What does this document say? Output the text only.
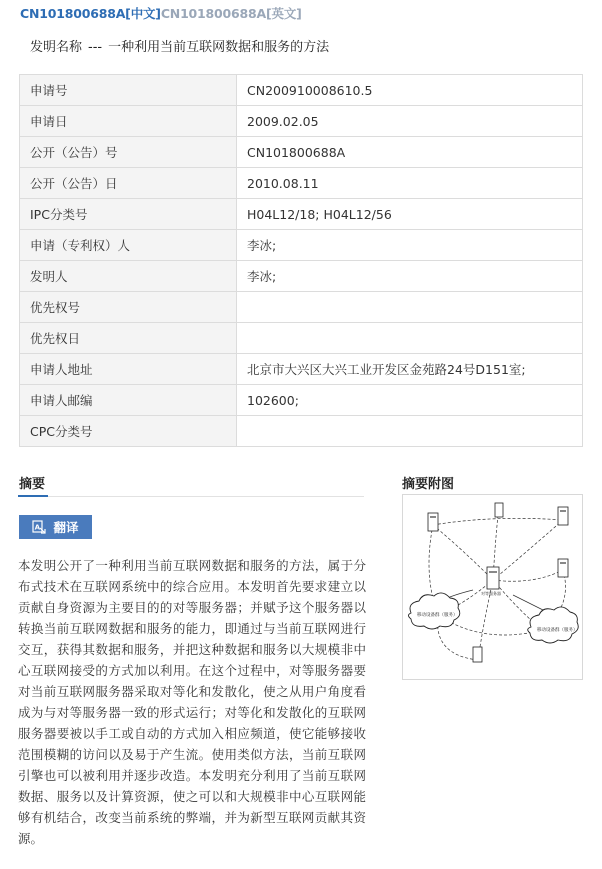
CN101800688A[中文]CN101800688A[英文]
发明名称 --- 一种利用当前互联网数据和服务的方法
申请号	CN200910008610.5
申请日	2009.02.05
公开（公告）号	CN101800688A
公开（公告）日	2010.08.11
IPC分类号	H04L12/18; H04L12/56
申请（专利权）人	李冰;
发明人	李冰;
优先权号	
优先权日	
申请人地址	北京市大兴区大兴工业开发区金苑路24号D151室;
申请人邮编	102600;
CPC分类号	
摘要	摘要附图
A 翻译
本发明公开了一种利用当前互联网数据和服务的方法，属于分布式技术在互联网系统中的综合应用。本发明首先要求建立以贡献自身资源为主要目的的对等服务器；并赋予这个服务器以转换当前互联网数据和服务的能力，即通过与当前互联网进行交互，获得其数据和服务，并把这种数据和服务以大规模非中心互联网接受的方式加以利用。在这个过程中，对等服务器要对当前互联网服务器采取对等化和发散化，使之从用户角度看成为与对等服务器一致的形式运行；对等化和发散化的互联网服务器要被以手工或自动的方式加入相应频道，使它能够接收范围模糊的访问以及易于产生流。使用类似方法，当前互联网引擎也可以被利用并逐步改造。本发明充分利用了当前互联网数据、服务以及计算资源，使之可以和大规模非中心互联网能够有机结合，改变当前系统的弊端，并为新型互联网贡献其资源。
移动设备群（服务）
移动设备群（服务）
对等服务器
